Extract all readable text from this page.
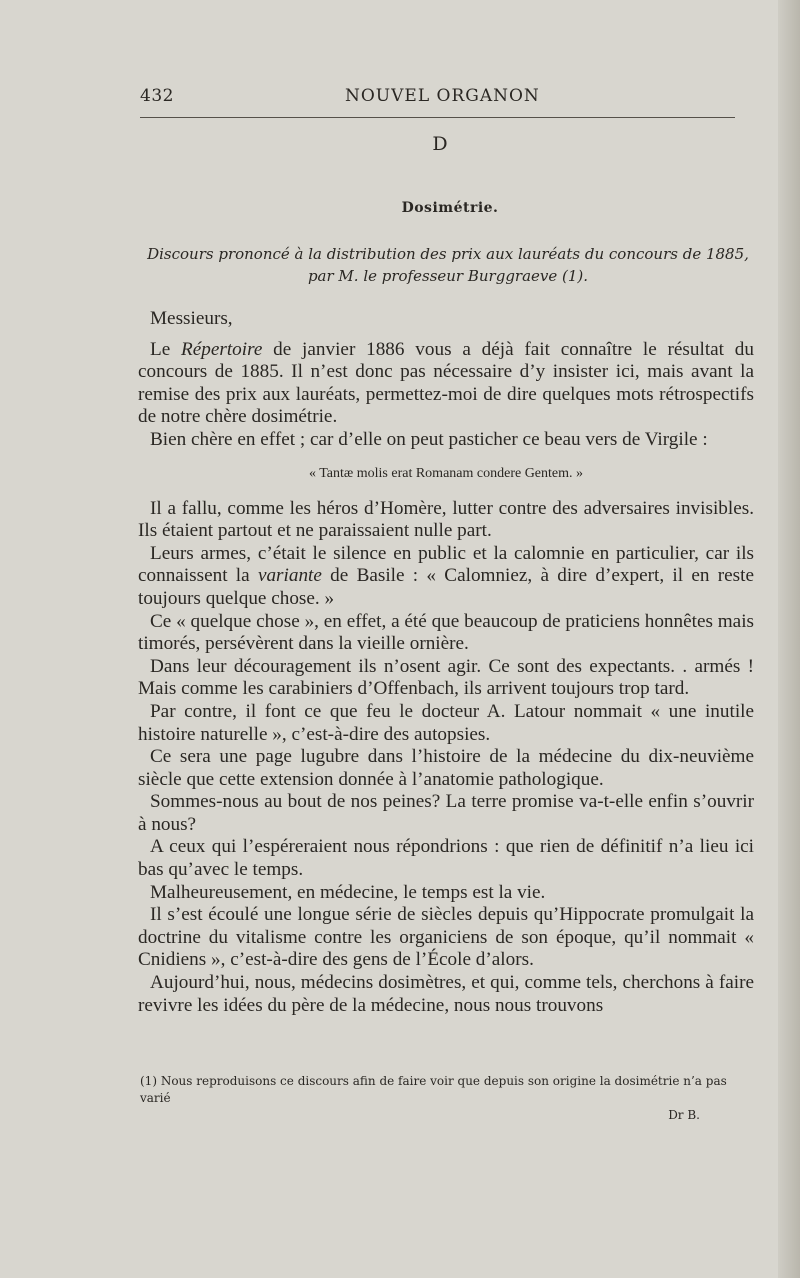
432	NOUVEL ORGANON
D
Dosimétrie.
Discours prononcé à la distribution des prix aux lauréats du concours de 1885, par M. le professeur Burggraeve (1).

Messieurs,

Le Répertoire de janvier 1886 vous a déjà fait connaître le résultat du concours de 1885. Il n’est donc pas nécessaire d’y insister ici, mais avant la remise des prix aux lauréats, permettez-moi de dire quelques mots rétrospectifs de notre chère dosimétrie.

Bien chère en effet ; car d’elle on peut pasticher ce beau vers de Virgile :

« Tantæ molis erat Romanam condere Gentem. »

Il a fallu, comme les héros d’Homère, lutter contre des adversaires invisibles. Ils étaient partout et ne paraissaient nulle part.

Leurs armes, c’était le silence en public et la calomnie en particulier, car ils connaissent la variante de Basile : « Calomniez, à dire d’expert, il en reste toujours quelque chose. »

Ce « quelque chose », en effet, a été que beaucoup de praticiens honnêtes mais timorés, persévèrent dans la vieille ornière.

Dans leur découragement ils n’osent agir. Ce sont des expectants. . armés ! Mais comme les carabiniers d’Offenbach, ils arrivent toujours trop tard.

Par contre, il font ce que feu le docteur A. Latour nommait « une inutile histoire naturelle », c’est-à-dire des autopsies.

Ce sera une page lugubre dans l’histoire de la médecine du dix-neuvième siècle que cette extension donnée à l’anatomie pathologique.

Sommes-nous au bout de nos peines? La terre promise va-t-elle enfin s’ouvrir à nous?

A ceux qui l’espéreraient nous répondrions : que rien de définitif n’a lieu ici bas qu’avec le temps.

Malheureusement, en médecine, le temps est la vie.

Il s’est écoulé une longue série de siècles depuis qu’Hippocrate promulgait la doctrine du vitalisme contre les organiciens de son époque, qu’il nommait « Cnidiens », c’est-à-dire des gens de l’École d’alors.

Aujourd’hui, nous, médecins dosimètres, et qui, comme tels, cherchons à faire revivre les idées du père de la médecine, nous nous trouvons

(1) Nous reproduisons ce discours afin de faire voir que depuis son origine la dosimétrie n’a pas varié
Dr B.
